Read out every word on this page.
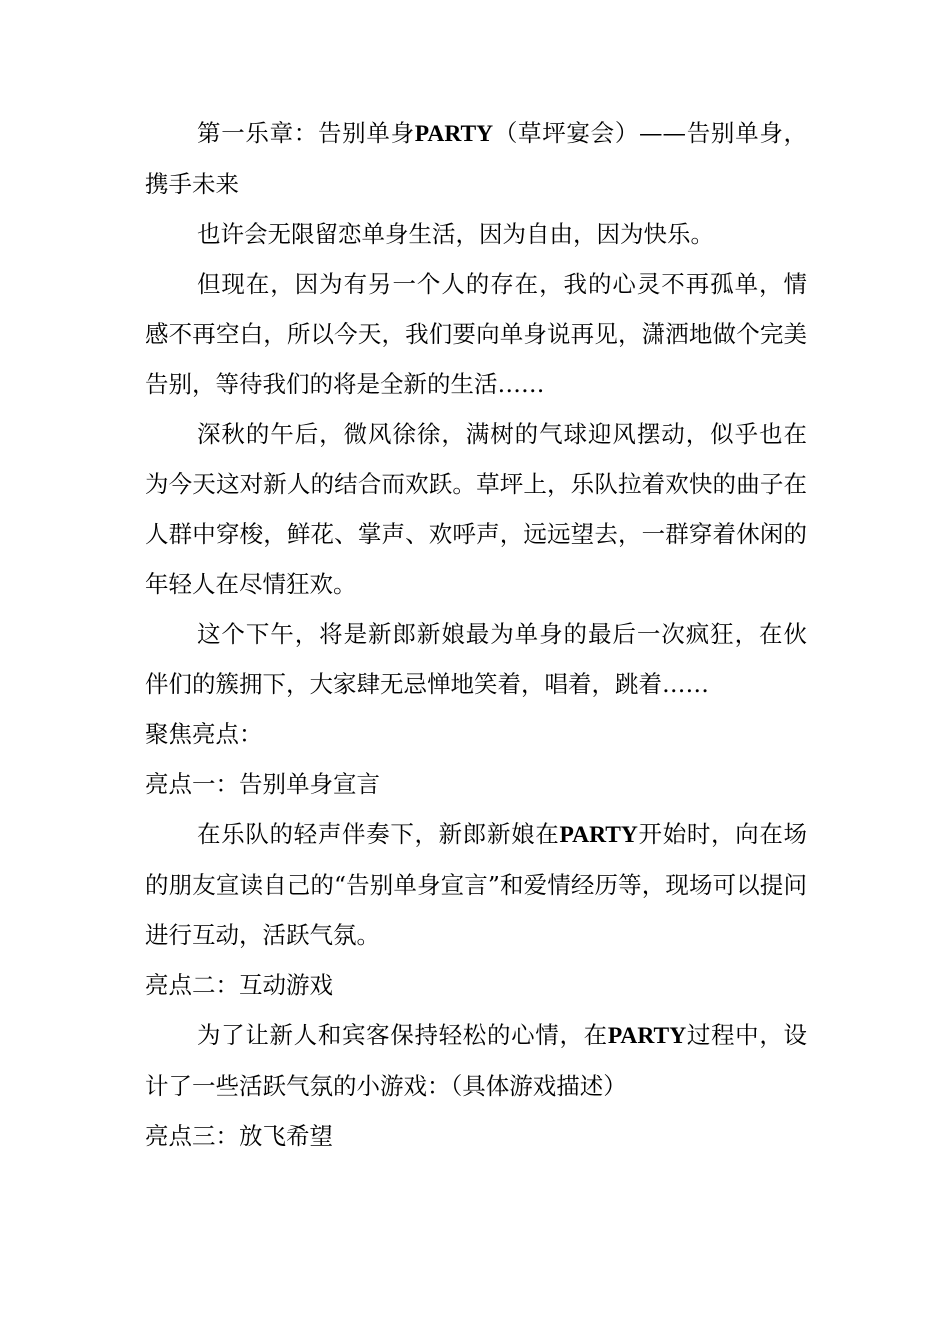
第一乐章：告别单身PARTY（草坪宴会）——告别单身，携手未来

也许会无限留恋单身生活，因为自由，因为快乐。

但现在，因为有另一个人的存在，我的心灵不再孤单，情感不再空白，所以今天，我们要向单身说再见，潇洒地做个完美告别，等待我们的将是全新的生活……

深秋的午后，微风徐徐，满树的气球迎风摆动，似乎也在为今天这对新人的结合而欢跃。草坪上，乐队拉着欢快的曲子在人群中穿梭，鲜花、掌声、欢呼声，远远望去，一群穿着休闲的年轻人在尽情狂欢。

这个下午，将是新郎新娘最为单身的最后一次疯狂，在伙伴们的簇拥下，大家肆无忌惮地笑着，唱着，跳着……

聚焦亮点：

亮点一：告别单身宣言

在乐队的轻声伴奏下，新郎新娘在PARTY开始时，向在场的朋友宣读自己的“告别单身宣言”和爱情经历等，现场可以提问进行互动，活跃气氛。

亮点二：互动游戏

为了让新人和宾客保持轻松的心情，在PARTY过程中，设计了一些活跃气氛的小游戏：（具体游戏描述）

亮点三：放飞希望
